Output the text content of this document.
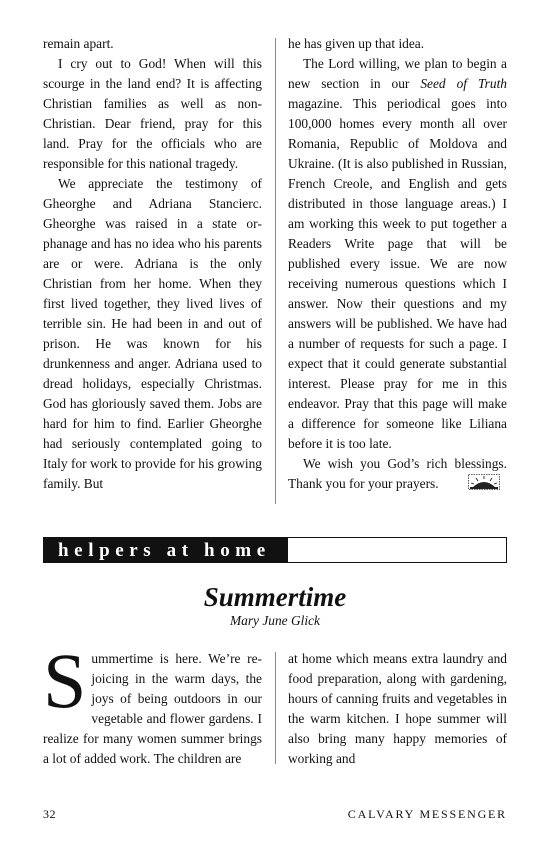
remain apart.

I cry out to God! When will this scourge in the land end? It is affecting Christian families as well as non-Christian. Dear friend, pray for this land. Pray for the officials who are responsible for this national tragedy.

We appreciate the testimony of Gheorghe and Adriana Stancierc. Gheorghe was raised in a state orphanage and has no idea who his parents are or were. Adriana is the only Christian from her home. When they first lived together, they lived lives of terrible sin. He had been in and out of prison. He was known for his drunkenness and anger. Adriana used to dread holidays, especially Christmas. God has gloriously saved them. Jobs are hard for him to find. Earlier Gheorghe had seriously contemplated going to Italy for work to provide for his growing family. But

he has given up that idea.

The Lord willing, we plan to begin a new section in our Seed of Truth magazine. This periodical goes into 100,000 homes every month all over Romania, Republic of Moldova and Ukraine. (It is also published in Russian, French Creole, and English and gets distributed in those language areas.) I am working this week to put together a Readers Write page that will be published every issue. We are now receiving numerous questions which I answer. Now their questions and my answers will be published. We have had a number of requests for such a page. I expect that it could generate substantial interest. Please pray for me in this endeavor. Pray that this page will make a difference for someone like Liliana before it is too late.

We wish you God’s rich blessings. Thank you for your prayers.

helpers at home
Summertime
Mary June Glick

Summertime is here. We’re rejoicing in the warm days, the joys of being outdoors in our vegetable and flower gardens. I realize for many women summer brings a lot of added work. The children are

at home which means extra laundry and food preparation, along with gardening, hours of canning fruits and vegetables in the warm kitchen. I hope summer will also bring many happy memories of working and

32	CALVARY MESSENGER
